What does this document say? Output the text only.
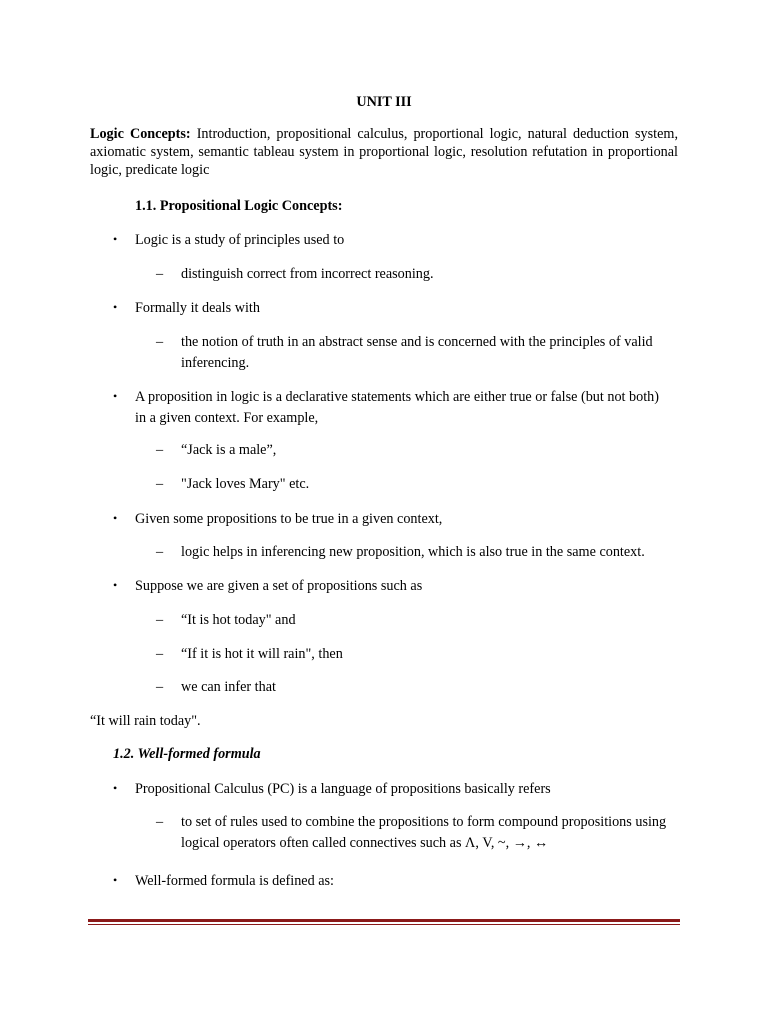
UNIT III
Logic Concepts: Introduction, propositional calculus, proportional logic, natural deduction system, axiomatic system, semantic tableau system in proportional logic, resolution refutation in proportional logic, predicate logic
1.1. Propositional Logic Concepts:
• Logic is a study of principles used to
– distinguish correct from incorrect reasoning.
• Formally it deals with
– the notion of truth in an abstract sense and is concerned with the principles of valid inferencing.
• A proposition in logic is a declarative statements which are either true or false (but not both) in a given context. For example,
– “Jack is a male”,
– "Jack loves Mary" etc.
• Given some propositions to be true in a given context,
– logic helps in inferencing new proposition, which is also true in the same context.
• Suppose we are given a set of propositions such as
– “It is hot today" and
– “If it is hot it will rain", then
– we can infer that
“It will rain today".
1.2. Well-formed formula
• Propositional Calculus (PC) is a language of propositions basically refers
– to set of rules used to combine the propositions to form compound propositions using logical operators often called connectives such as Λ, V, ~, →, ↔
• Well-formed formula is defined as:
